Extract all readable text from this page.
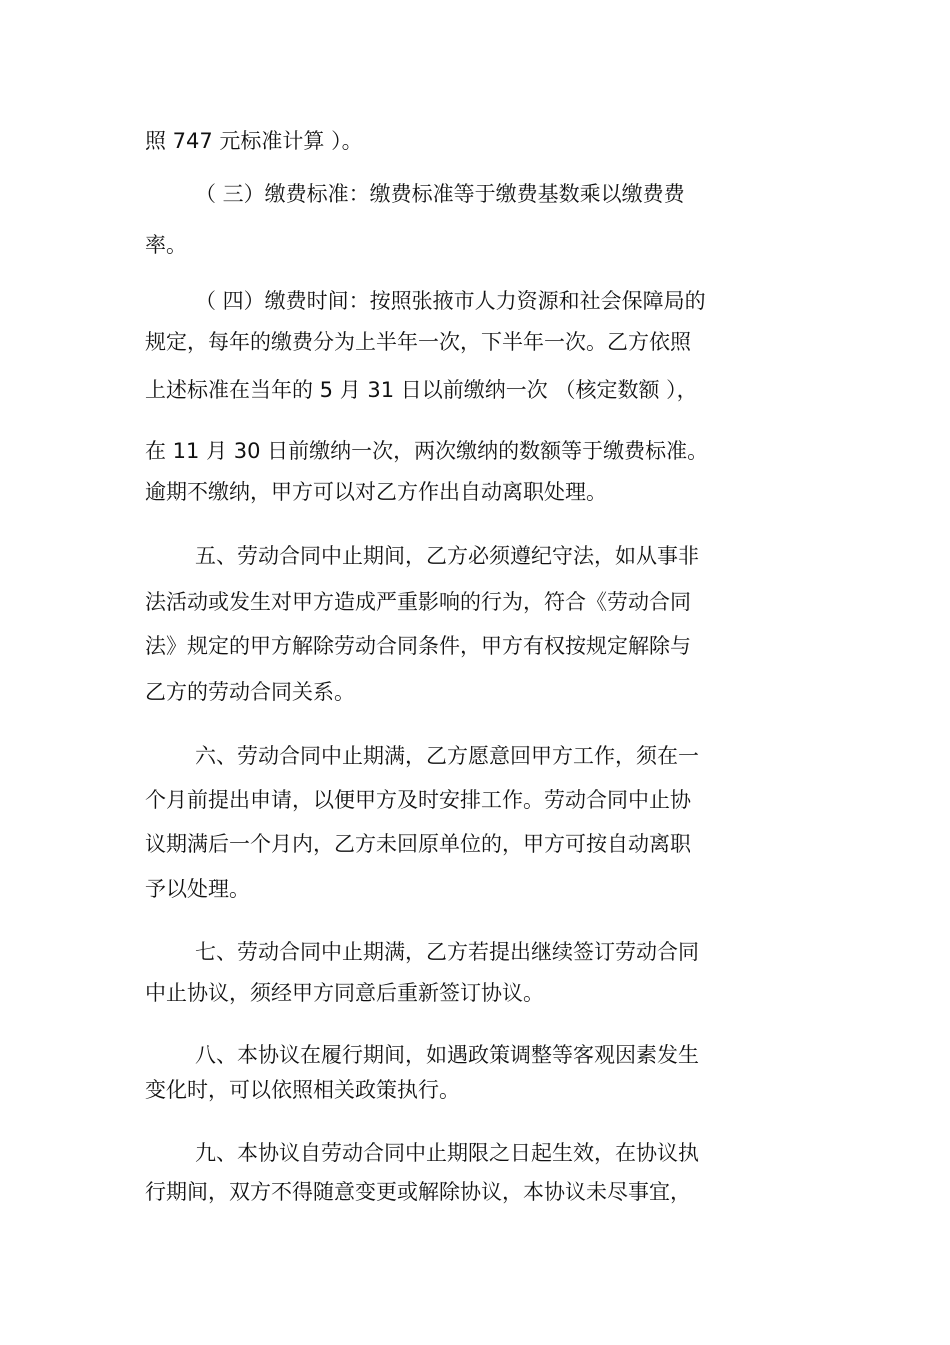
照 747 元标准计算 ）。
（ 三）缴费标准：缴费标准等于缴费基数乘以缴费费
率。
（ 四）缴费时间：按照张掖市人力资源和社会保障局的
规定，每年的缴费分为上半年一次，下半年一次。乙方依照
上述标准在当年的 5 月 31 日以前缴纳一次 （核定数额 ），
在 11 月 30 日前缴纳一次，两次缴纳的数额等于缴费标准。
逾期不缴纳，甲方可以对乙方作出自动离职处理。
五、劳动合同中止期间，乙方必须遵纪守法，如从事非
法活动或发生对甲方造成严重影响的行为，符合《劳动合同
法》规定的甲方解除劳动合同条件，甲方有权按规定解除与
乙方的劳动合同关系。
六、劳动合同中止期满，乙方愿意回甲方工作，须在一
个月前提出申请，以便甲方及时安排工作。劳动合同中止协
议期满后一个月内，乙方未回原单位的，甲方可按自动离职
予以处理。
七、劳动合同中止期满，乙方若提出继续签订劳动合同
中止协议，须经甲方同意后重新签订协议。
八、本协议在履行期间，如遇政策调整等客观因素发生
变化时，可以依照相关政策执行。
九、本协议自劳动合同中止期限之日起生效，在协议执
行期间，双方不得随意变更或解除协议，本协议未尽事宜，
